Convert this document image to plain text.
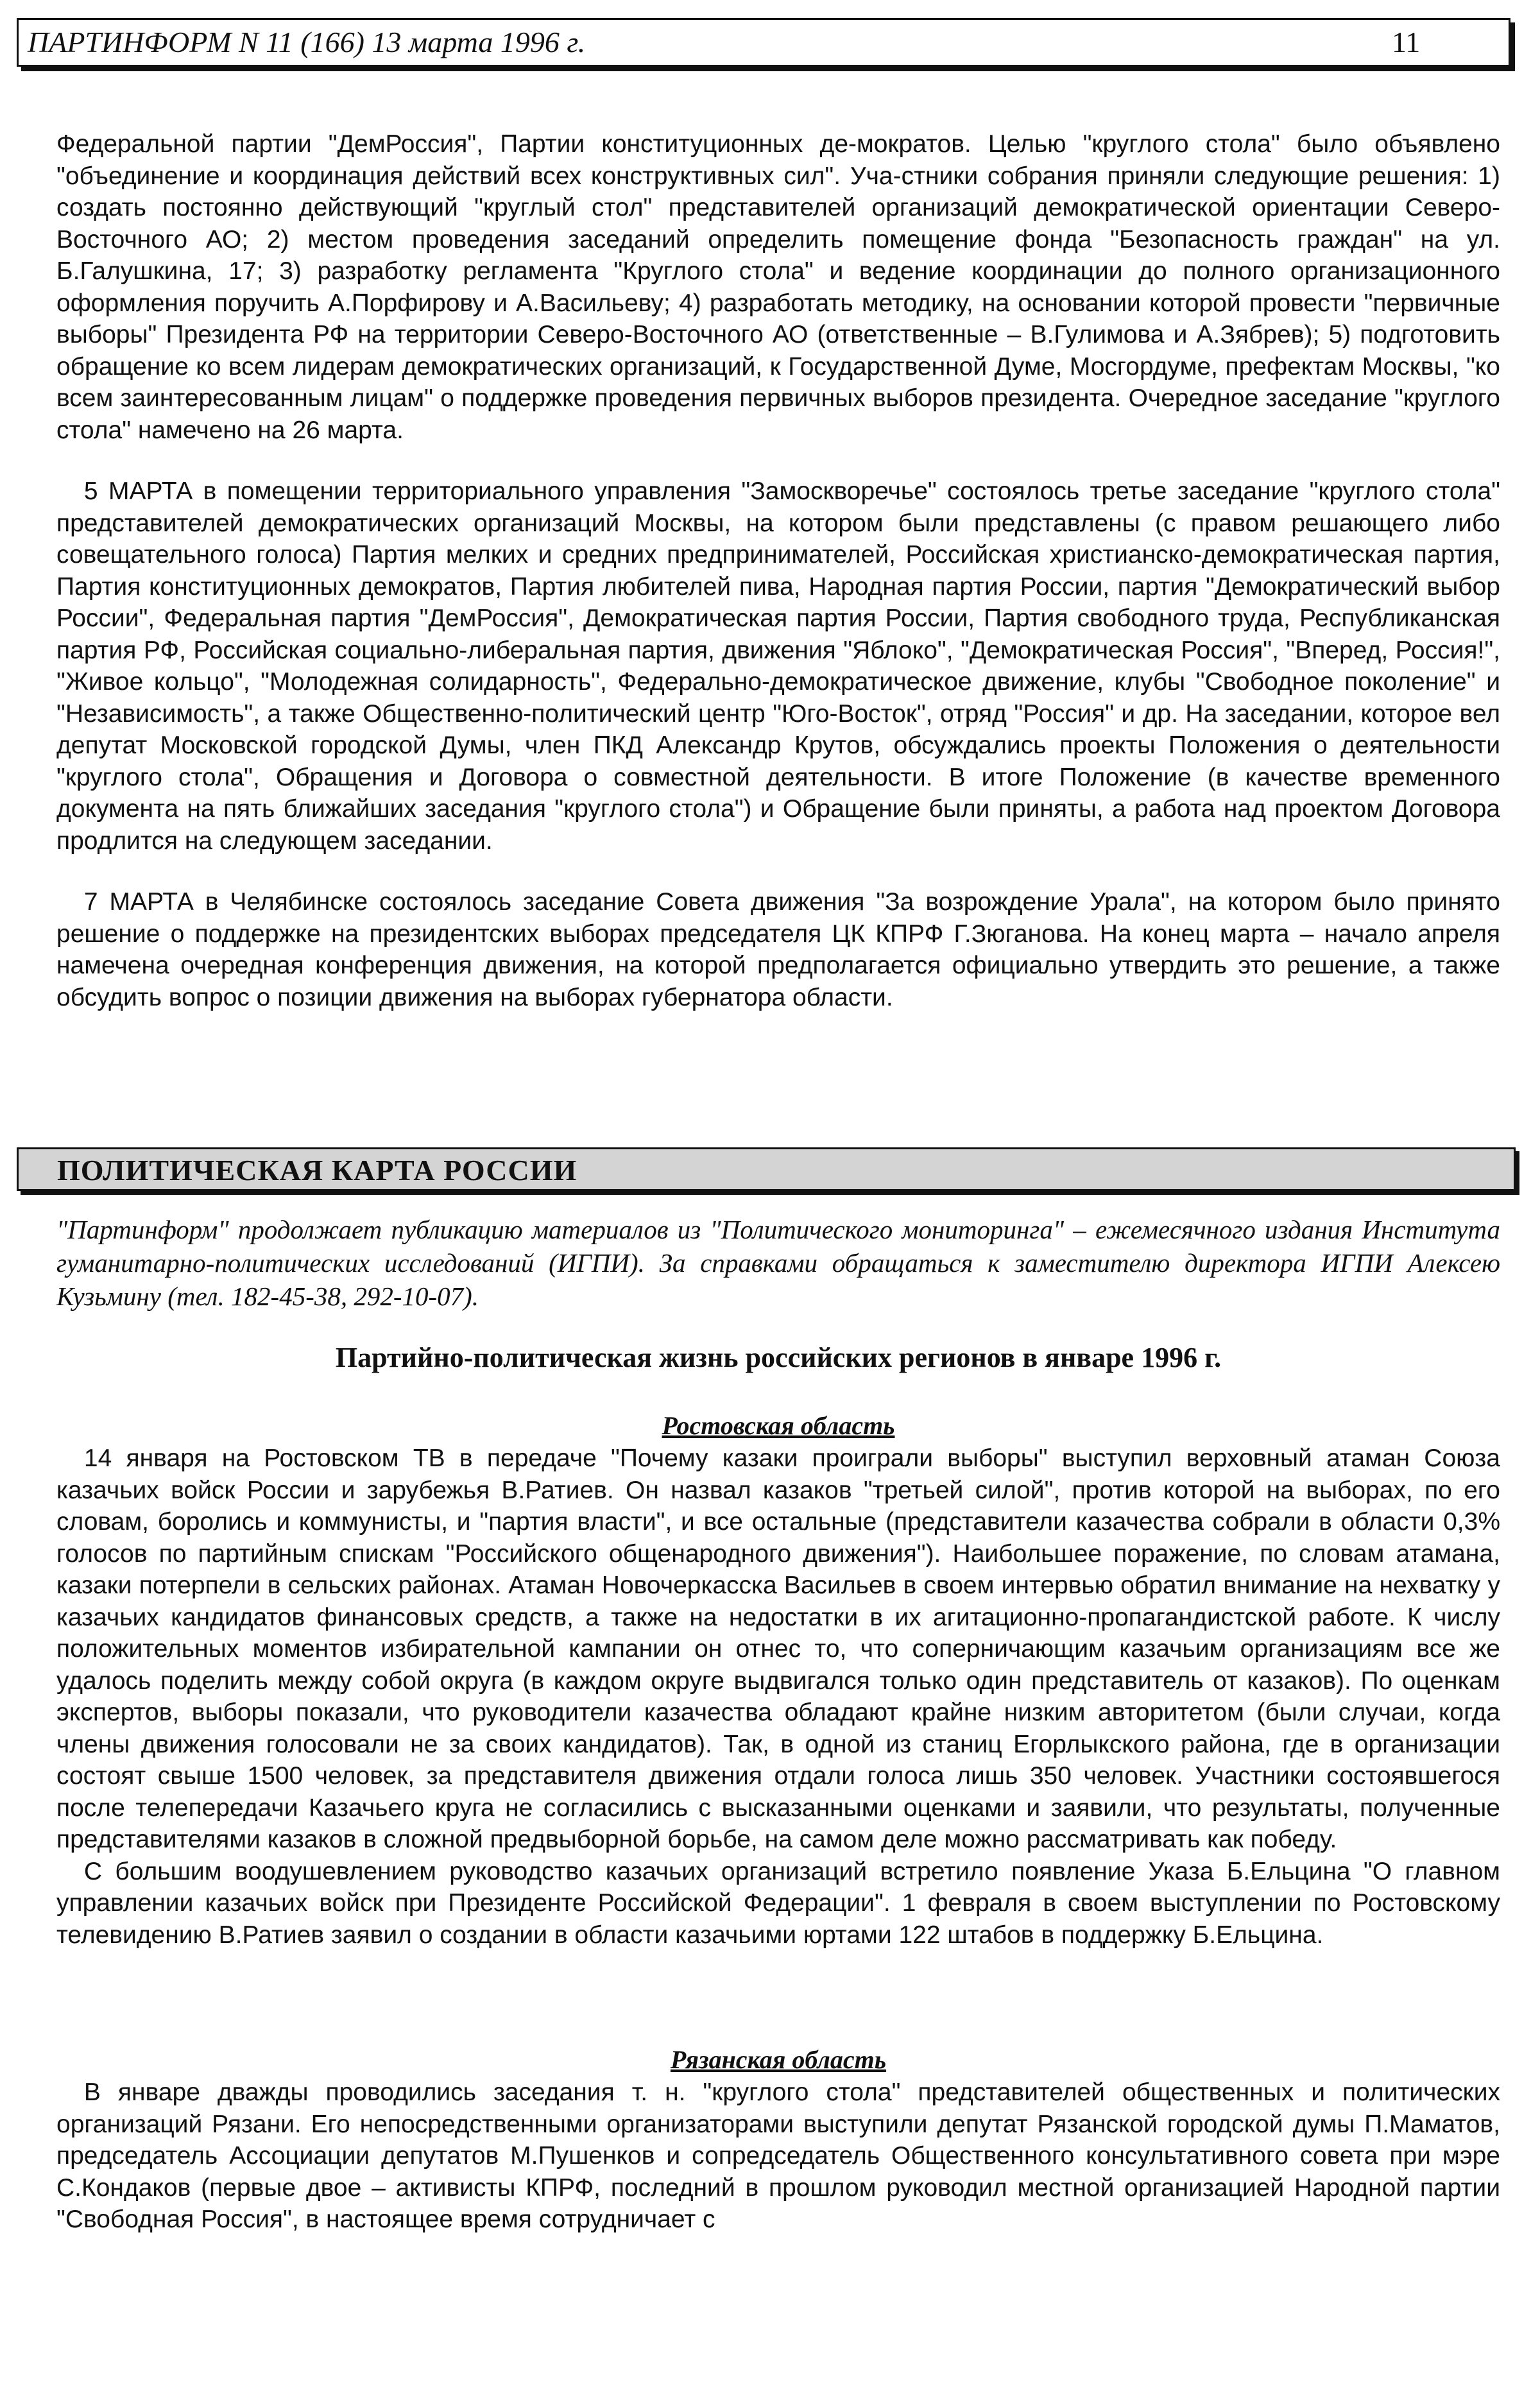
ПАРТИНФОРМ N 11 (166) 13 марта 1996 г.	11

Федеральной партии "ДемРоссия", Партии конституционных де-мократов. Целью "круглого стола" было объявлено "объединение и координация действий всех конструктивных сил". Уча-стники собрания приняли следующие решения: 1) создать постоянно действующий "круглый стол" представителей организаций демократической ориентации Северо-Восточного АО; 2) местом проведения заседаний определить помещение фонда "Безопасность граждан" на ул. Б.Галушкина, 17; 3) разработку регламента "Круглого стола" и ведение координации до полного организационного оформления поручить А.Порфирову и А.Васильеву; 4) разработать методику, на основании которой провести "первичные выборы" Президента РФ на территории Северо-Восточного АО (ответственные – В.Гулимова и А.Зябрев); 5) подготовить обращение ко всем лидерам демократических организаций, к Государственной Думе, Мосгордуме, префектам Москвы, "ко всем заинтересованным лицам" о поддержке проведения первичных выборов президента. Очередное заседание "круглого стола" намечено на 26 марта.

5 МАРТА в помещении территориального управления "Замоскворечье" состоялось третье заседание "круглого стола" представителей демократических организаций Москвы, на котором были представлены (с правом решающего либо совещательного голоса) Партия мелких и средних предпринимателей, Российская христианско-демократическая партия, Партия конституционных демократов, Партия любителей пива, Народная партия России, партия "Демократический выбор России", Федеральная партия "ДемРоссия", Демократическая партия России, Партия свободного труда, Республиканская партия РФ, Российская социально-либеральная партия, движения "Яблоко", "Демократическая Россия", "Вперед, Россия!", "Живое кольцо", "Молодежная солидарность", Федерально-демократическое движение, клубы "Свободное поколение" и "Независимость", а также Общественно-политический центр "Юго-Восток", отряд "Россия" и др. На заседании, которое вел депутат Московской городской Думы, член ПКД Александр Крутов, обсуждались проекты Положения о деятельности "круглого стола", Обращения и Договора о совместной деятельности. В итоге Положение (в качестве временного документа на пять ближайших заседания "круглого стола") и Обращение были приняты, а работа над проектом Договора продлится на следующем заседании.

7 МАРТА в Челябинске состоялось заседание Совета движения "За возрождение Урала", на котором было принято решение о поддержке на президентских выборах председателя ЦК КПРФ Г.Зюганова. На конец марта – начало апреля намечена очередная конференция движения, на которой предполагается официально утвердить это решение, а также обсудить вопрос о позиции движения на выборах губернатора области.

ПОЛИТИЧЕСКАЯ КАРТА РОССИИ
"Партинформ" продолжает публикацию материалов из "Политического мониторинга" – ежемесячного издания Института гуманитарно-политических исследований (ИГПИ). За справками обращаться к заместителю директора ИГПИ Алексею Кузьмину (тел. 182-45-38, 292-10-07).
Партийно-политическая жизнь российских регионов в январе 1996 г.
Ростовская область

14 января на Ростовском ТВ в передаче "Почему казаки проиграли выборы" выступил верховный атаман Союза казачьих войск России и зарубежья В.Ратиев. Он назвал казаков "третьей силой", против которой на выборах, по его словам, боролись и коммунисты, и "партия власти", и все остальные (представители казачества собрали в области 0,3% голосов по партийным спискам "Российского общенародного движения"). Наибольшее поражение, по словам атамана, казаки потерпели в сельских районах. Атаман Новочеркасска Васильев в своем интервью обратил внимание на нехватку у казачьих кандидатов финансовых средств, а также на недостатки в их агитационно-пропагандистской работе. К числу положительных моментов избирательной кампании он отнес то, что соперничающим казачьим организациям все же удалось поделить между собой округа (в каждом округе выдвигался только один представитель от казаков). По оценкам экспертов, выборы показали, что руководители казачества обладают крайне низким авторитетом (были случаи, когда члены движения голосовали не за своих кандидатов). Так, в одной из станиц Егорлыкского района, где в организации состоят свыше 1500 человек, за представителя движения отдали голоса лишь 350 человек. Участники состоявшегося после телепередачи Казачьего круга не согласились с высказанными оценками и заявили, что результаты, полученные представителями казаков в сложной предвыборной борьбе, на самом деле можно рассматривать как победу.

С большим воодушевлением руководство казачьих организаций встретило появление Указа Б.Ельцина "О главном управлении казачьих войск при Президенте Российской Федерации". 1 февраля в своем выступлении по Ростовскому телевидению В.Ратиев заявил о создании в области казачьими юртами 122 штабов в поддержку Б.Ельцина.

Рязанская область

В январе дважды проводились заседания т. н. "круглого стола" представителей общественных и политических организаций Рязани. Его непосредственными организаторами выступили депутат Рязанской городской думы П.Маматов, председатель Ассоциации депутатов М.Пушенков и сопредседатель Общественного консультативного совета при мэре С.Кондаков (первые двое – активисты КПРФ, последний в прошлом руководил местной организацией Народной партии "Свободная Россия", в настоящее время сотрудничает с
